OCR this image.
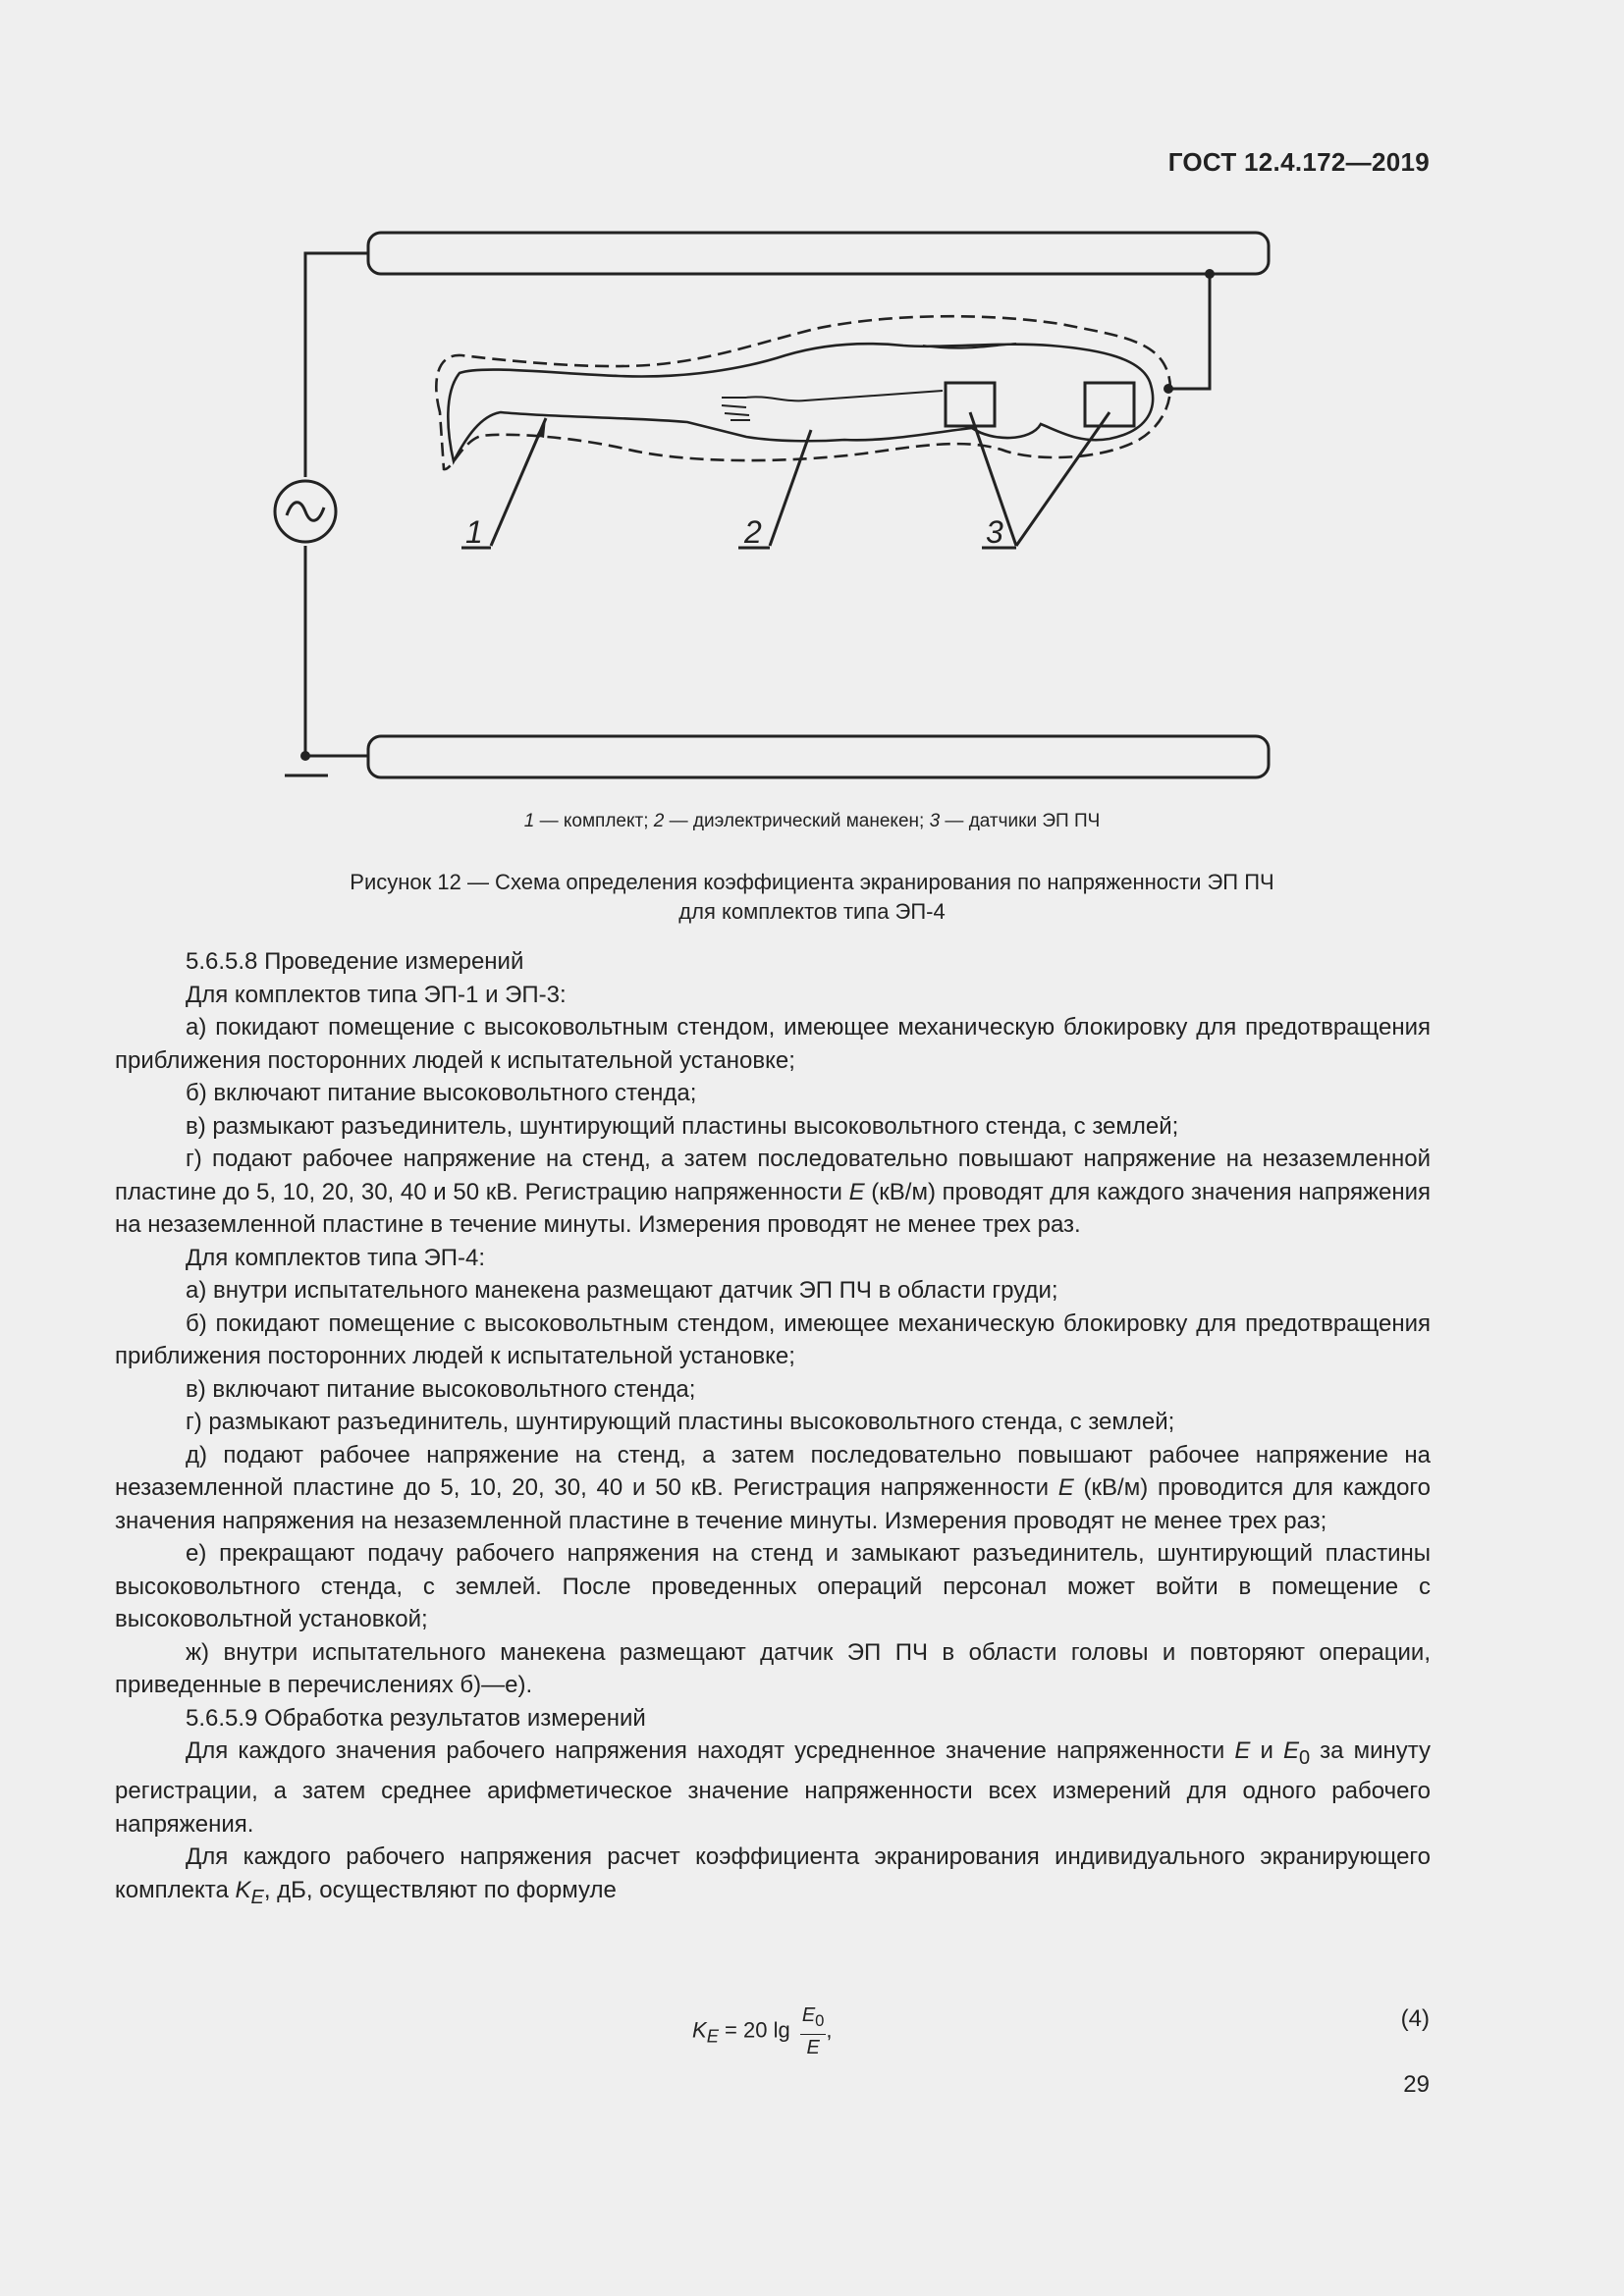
ГОСТ 12.4.172—2019
1	2	3
1 — комплект; 2 — диэлектрический манекен; 3 — датчики ЭП ПЧ
Рисунок 12 — Схема определения коэффициента экранирования по напряженности ЭП ПЧ
для комплектов типа ЭП-4

5.6.5.8 Проведение измерений

Для комплектов типа ЭП-1 и ЭП-3:

а) покидают помещение с высоковольтным стендом, имеющее механическую блокировку для предотвращения приближения посторонних людей к испытательной установке;

б) включают питание высоковольтного стенда;

в) размыкают разъединитель, шунтирующий пластины высоковольтного стенда, с землей;

г) подают рабочее напряжение на стенд, а затем последовательно повышают напряжение на незаземленной пластине до 5, 10, 20, 30, 40 и 50 кВ. Регистрацию напряженности E (кВ/м) проводят для каждого значения напряжения на незаземленной пластине в течение минуты. Измерения проводят не менее трех раз.

Для комплектов типа ЭП-4:

а) внутри испытательного манекена размещают датчик ЭП ПЧ в области груди;

б) покидают помещение с высоковольтным стендом, имеющее механическую блокировку для предотвращения приближения посторонних людей к испытательной установке;

в) включают питание высоковольтного стенда;

г) размыкают разъединитель, шунтирующий пластины высоковольтного стенда, с землей;

д) подают рабочее напряжение на стенд, а затем последовательно повышают рабочее напряжение на незаземленной пластине до 5, 10, 20, 30, 40 и 50 кВ. Регистрация напряженности E (кВ/м) проводится для каждого значения напряжения на незаземленной пластине в течение минуты. Измерения проводят не менее трех раз;

е) прекращают подачу рабочего напряжения на стенд и замыкают разъединитель, шунтирующий пластины высоковольтного стенда, с землей. После проведенных операций персонал может войти в помещение с высоковольтной установкой;

ж) внутри испытательного манекена размещают датчик ЭП ПЧ в области головы и повторяют операции, приведенные в перечислениях б)—е).

5.6.5.9 Обработка результатов измерений

Для каждого значения рабочего напряжения находят усредненное значение напряженности E и $E_0$ за минуту регистрации, а затем среднее арифметическое значение напряженности всех измерений для одного рабочего напряжения.

Для каждого рабочего напряжения расчет коэффициента экранирования индивидуального экранирующего комплекта $K_E$, дБ, осуществляют по формуле

$K_E = 20$ $\lg \frac{E_0}{E}$ ,	(4)
29
